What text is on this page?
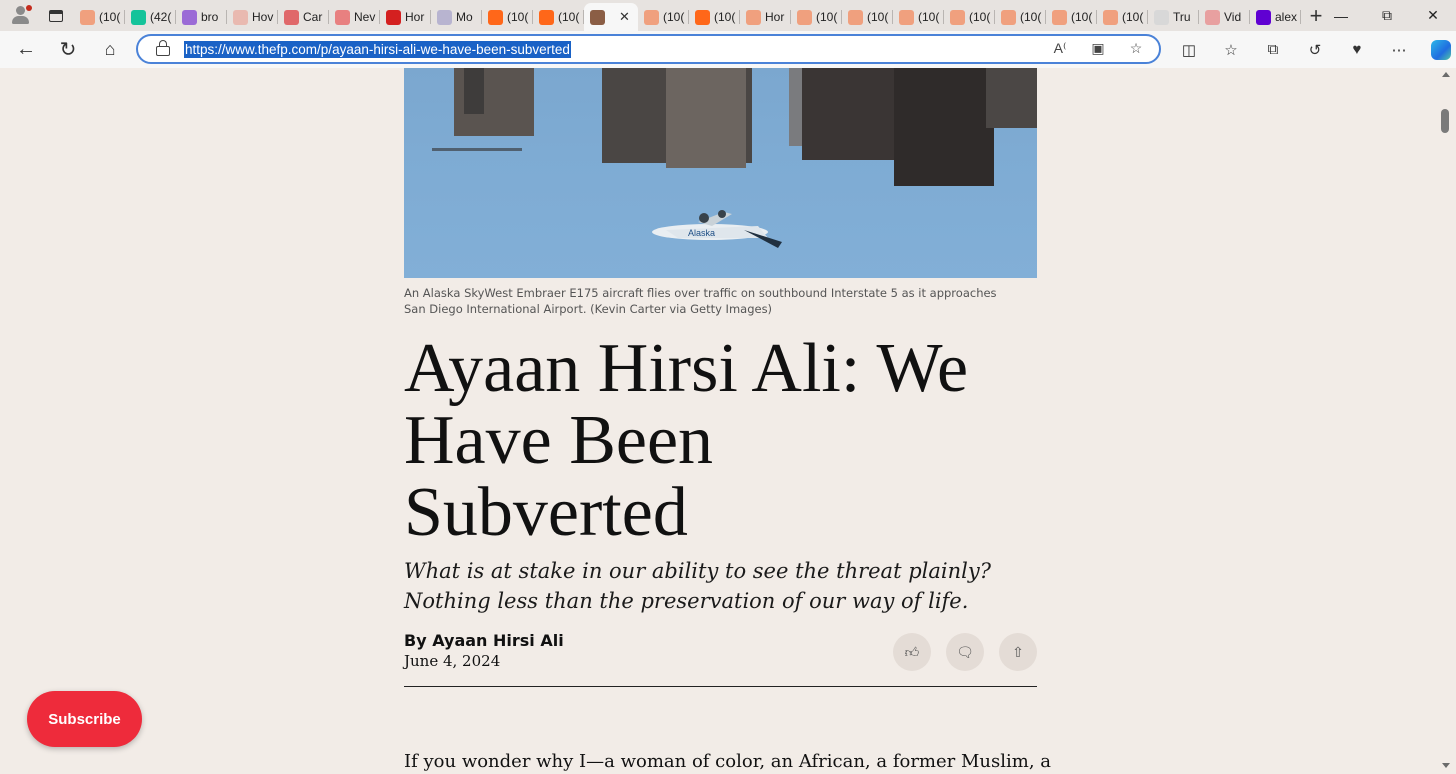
(10( (42( bro	Hov Car	Nev Hor	Mo	(10( (10(	✕	(10( (10( Hor	(10( (10( (10( (10( (10( (10( (10( Tru	Vid	alex + —	⧉	✕
←	↻	⌂	https://www.thefp.com/p/ayaan-hirsi-ali-we-have-been-subverted	A⁽	▣	☆	◫	☆	⧉	↺	♥	⋯
Alaska
An Alaska SkyWest Embraer E175 aircraft flies over traffic on southbound Interstate 5 as it approaches San Diego International Airport. (Kevin Carter via Getty Images)
Ayaan Hirsi Ali: We
Have Been
Subverted
What is at stake in our ability to see the threat plainly?
Nothing less than the preservation of our way of life.
By Ayaan Hirsi Ali
June 4, 2024
👍︎	🗨︎	⇧
If you wonder why I—a woman of color, an African, a former Muslim, a
Subscribe
